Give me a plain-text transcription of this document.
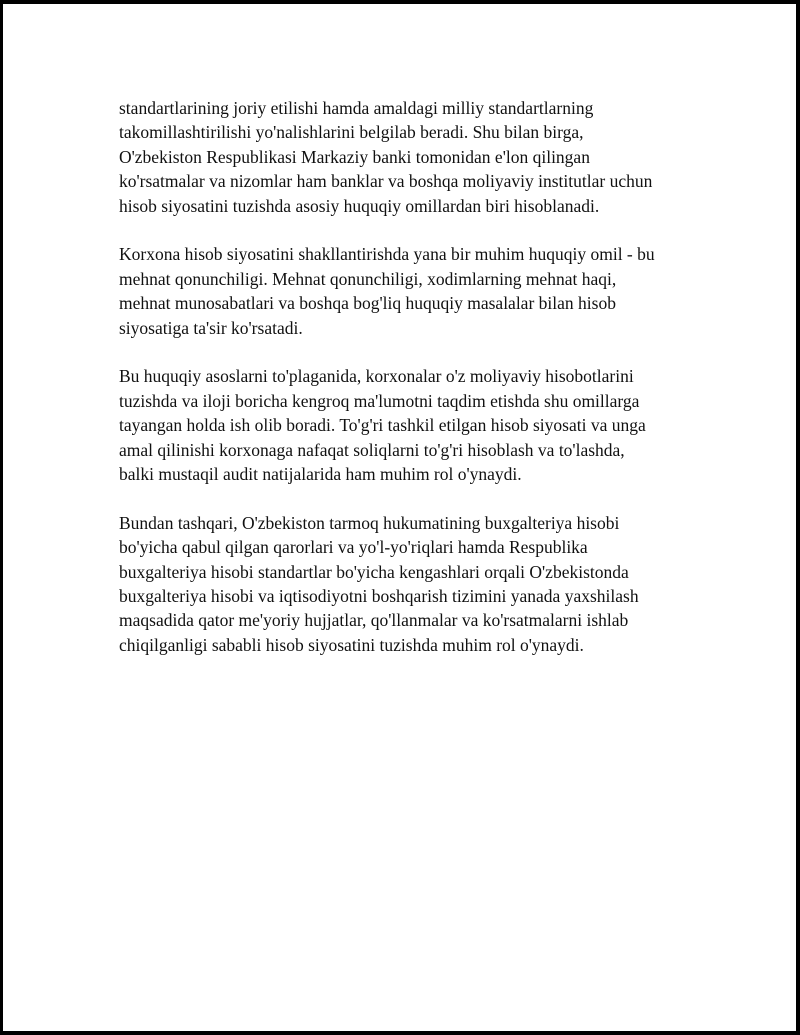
standartlarining joriy etilishi hamda amaldagi milliy standartlarning
takomillashtirilishi yo'nalishlarini belgilab beradi. Shu bilan birga,
O'zbekiston Respublikasi Markaziy banki tomonidan e'lon qilingan
ko'rsatmalar va nizomlar ham banklar va boshqa moliyaviy institutlar uchun
hisob siyosatini tuzishda asosiy huquqiy omillardan biri hisoblanadi.

Korxona hisob siyosatini shakllantirishda yana bir muhim huquqiy omil - bu
mehnat qonunchiligi. Mehnat qonunchiligi, xodimlarning mehnat haqi,
mehnat munosabatlari va boshqa bog'liq huquqiy masalalar bilan hisob
siyosatiga ta'sir ko'rsatadi.

Bu huquqiy asoslarni to'plaganida, korxonalar o'z moliyaviy hisobotlarini
tuzishda va iloji boricha kengroq ma'lumotni taqdim etishda shu omillarga
tayangan holda ish olib boradi. To'g'ri tashkil etilgan hisob siyosati va unga
amal qilinishi korxonaga nafaqat soliqlarni to'g'ri hisoblash va to'lashda,
balki mustaqil audit natijalarida ham muhim rol o'ynaydi.

Bundan tashqari, O'zbekiston tarmoq hukumatining buxgalteriya hisobi
bo'yicha qabul qilgan qarorlari va yo'l-yo'riqlari hamda Respublika
buxgalteriya hisobi standartlar bo'yicha kengashlari orqali O'zbekistonda
buxgalteriya hisobi va iqtisodiyotni boshqarish tizimini yanada yaxshilash
maqsadida qator me'yoriy hujjatlar, qo'llanmalar va ko'rsatmalarni ishlab
chiqilganligi sababli hisob siyosatini tuzishda muhim rol o'ynaydi.
